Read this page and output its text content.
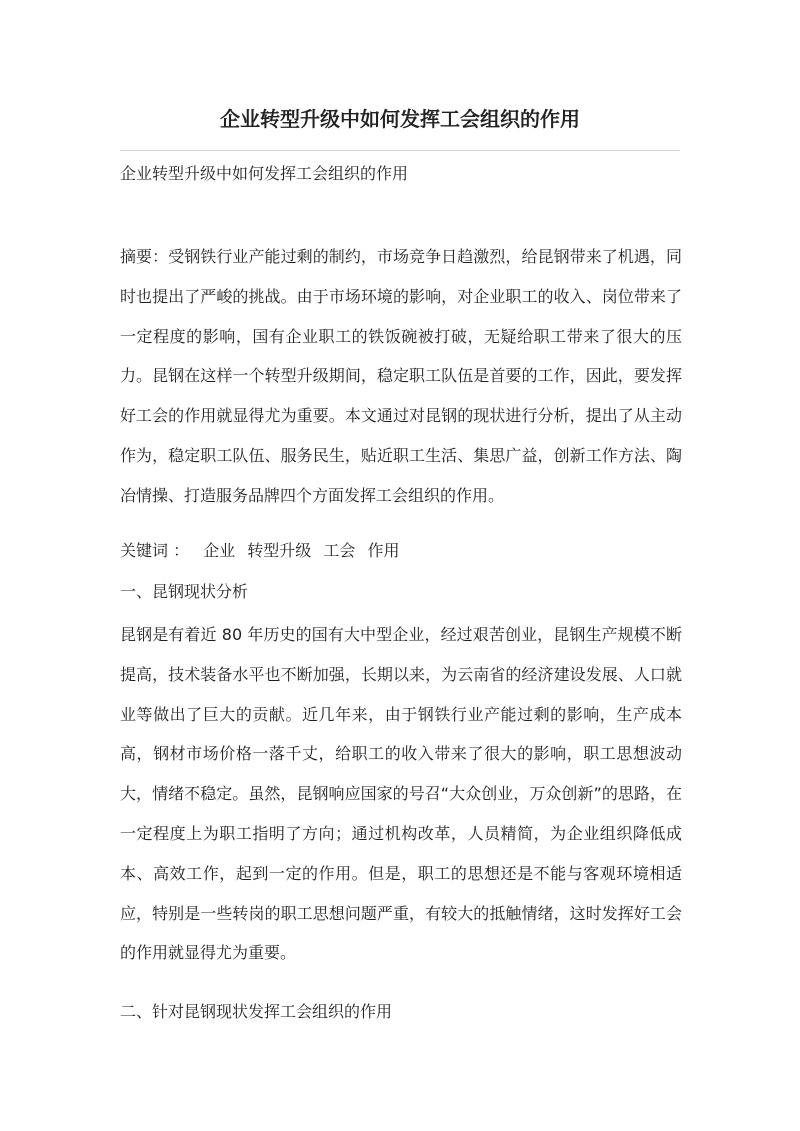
企业转型升级中如何发挥工会组织的作用

企业转型升级中如何发挥工会组织的作用

摘要：受钢铁行业产能过剩的制约，市场竞争日趋激烈，给昆钢带来了机遇，同时也提出了严峻的挑战。由于市场环境的影响，对企业职工的收入、岗位带来了一定程度的影响，国有企业职工的铁饭碗被打破，无疑给职工带来了很大的压力。昆钢在这样一个转型升级期间，稳定职工队伍是首要的工作，因此，要发挥好工会的作用就显得尤为重要。本文通过对昆钢的现状进行分析，提出了从主动作为，稳定职工队伍、服务民生，贴近职工生活、集思广益，创新工作方法、陶冶情操、打造服务品牌四个方面发挥工会组织的作用。

关键词 ： 企业 转型升级 工会 作用

一、昆钢现状分析

昆钢是有着近 80 年历史的国有大中型企业，经过艰苦创业，昆钢生产规模不断提高，技术装备水平也不断加强，长期以来，为云南省的经济建设发展、人口就业等做出了巨大的贡献。近几年来，由于钢铁行业产能过剩的影响，生产成本高，钢材市场价格一落千丈，给职工的收入带来了很大的影响，职工思想波动大，情绪不稳定。虽然，昆钢响应国家的号召“大众创业，万众创新”的思路，在一定程度上为职工指明了方向；通过机构改革，人员精简，为企业组织降低成本、高效工作，起到一定的作用。但是，职工的思想还是不能与客观环境相适应，特别是一些转岗的职工思想问题严重，有较大的抵触情绪，这时发挥好工会的作用就显得尤为重要。

二、针对昆钢现状发挥工会组织的作用
